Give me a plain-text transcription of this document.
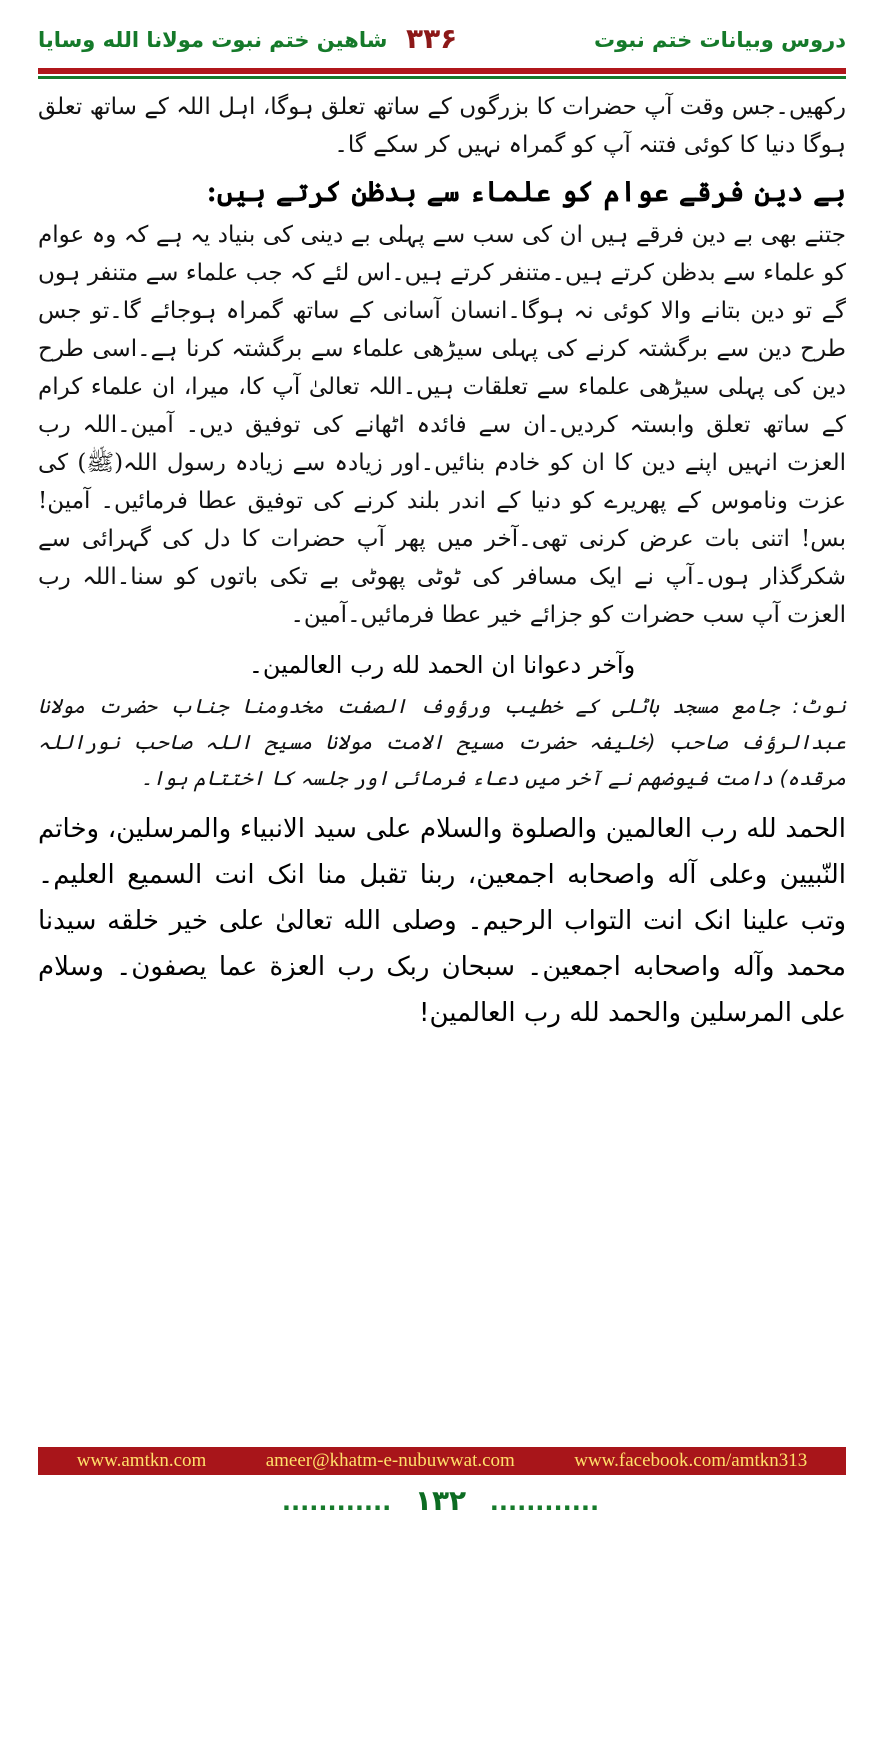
شاهین ختم نبوت مولانا الله وسایا ۳۳۶	دروس وبیانات ختم نبوت

رکھیں۔جس وقت آپ حضرات کا بزرگوں کے ساتھ تعلق ہوگا، اہل اللہ کے ساتھ تعلق ہوگا دنیا کا کوئی فتنہ آپ کو گمراہ نہیں کر سکے گا۔

بے دین فرقے عوام کو علماء سے بدظن کرتے ہیں:

جتنے بھی بے دین فرقے ہیں ان کی سب سے پہلی بے دینی کی بنیاد یہ ہے کہ وہ عوام کو علماء سے بدظن کرتے ہیں۔متنفر کرتے ہیں۔اس لئے کہ جب علماء سے متنفر ہوں گے تو دین بتانے والا کوئی نہ ہوگا۔انسان آسانی کے ساتھ گمراہ ہوجائے گا۔تو جس طرح دین سے برگشتہ کرنے کی پہلی سیڑھی علماء سے برگشتہ کرنا ہے۔اسی طرح دین کی پہلی سیڑھی علماء سے تعلقات ہیں۔اللہ تعالیٰ آپ کا، میرا، ان علماء کرام کے ساتھ تعلق وابستہ کردیں۔ان سے فائدہ اٹھانے کی توفیق دیں۔ آمین۔اللہ رب العزت انہیں اپنے دین کا ان کو خادم بنائیں۔اور زیادہ سے زیادہ رسول اللہ(ﷺ) کی عزت وناموس کے پھریرے کو دنیا کے اندر بلند کرنے کی توفیق عطا فرمائیں۔ آمین! بس! اتنی بات عرض کرنی تھی۔آخر میں پھر آپ حضرات کا دل کی گہرائی سے شکرگذار ہوں۔آپ نے ایک مسافر کی ٹوٹی پھوٹی بے تکی باتوں کو سنا۔اللہ رب العزت آپ سب حضرات کو جزائے خیر عطا فرمائیں۔آمین۔

وآخر دعوانا ان الحمد لله رب العالمین۔

نوٹ: جامع مسجد باٹلی کے خطیب ورؤوف الصفت مخدومنا جناب حضرت مولانا عبدالرؤف صاحب (خلیفہ حضرت مسیح الامت مولانا مسیح اللہ صاحب نوراللہ مرقدہ) دامت فیوضهم نے آخر میں دعاء فرمائی اور جلسہ کا اختتام ہوا۔

الحمد لله رب العالمین والصلوة والسلام علی سید الانبیاء والمرسلین، وخاتم النّبیین وعلی آله واصحابه اجمعین، ربنا تقبل منا انک انت السمیع العلیم۔ وتب علینا انک انت التواب الرحیم۔ وصلی الله تعالیٰ علی خیر خلقه سیدنا محمد وآله واصحابه اجمعین۔ سبحان ربک رب العزة عما یصفون۔ وسلام علی المرسلین والحمد لله رب العالمین!

www.amtkn.com	ameer@khatm-e-nubuwwat.com	www.facebook.com/amtkn313
............ ۱۳۲ ............
